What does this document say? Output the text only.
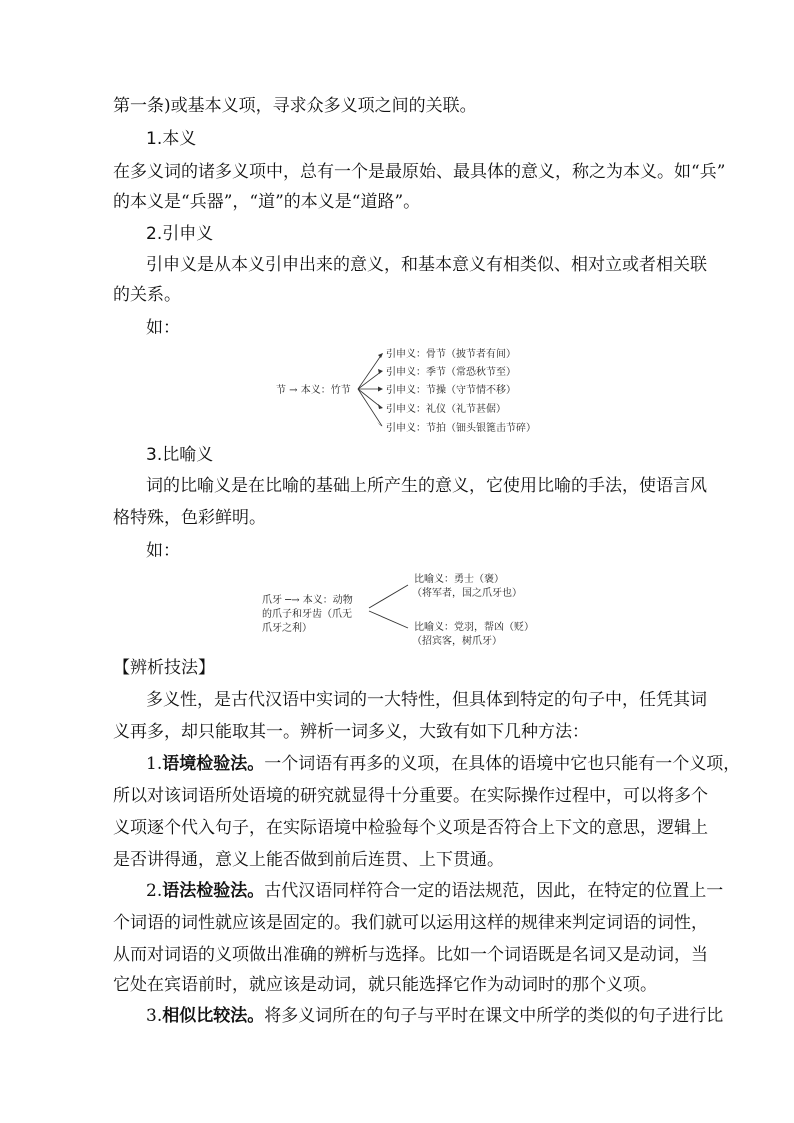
第一条)或基本义项，寻求众多义项之间的关联。
1.本义
在多义词的诸多义项中，总有一个是最原始、最具体的意义，称之为本义。如“兵”
的本义是“兵器”，“道”的本义是“道路”。
2.引申义
引申义是从本义引申出来的意义，和基本意义有相类似、相对立或者相关联
的关系。
如：
节 → 本义：竹节
引申义：骨节（披节者有间）
引申义：季节（常恐秋节至）
引申义：节操（守节情不移）
引申义：礼仪（礼节甚倨）
引申义：节拍（钿头银篦击节碎）
3.比喻义
词的比喻义是在比喻的基础上所产生的意义，它使用比喻的手法，使语言风
格特殊，色彩鲜明。
如：
爪牙 ─→ 本义：动物
的爪子和牙齿（爪无
爪牙之利）
比喻义：勇士（褒）
（将军者，国之爪牙也）
比喻义：党羽，帮凶（贬）
（招宾客，树爪牙）
【辨析技法】
多义性，是古代汉语中实词的一大特性，但具体到特定的句子中，任凭其词
义再多，却只能取其一。辨析一词多义，大致有如下几种方法：
1.语境检验法。一个词语有再多的义项，在具体的语境中它也只能有一个义项，
所以对该词语所处语境的研究就显得十分重要。在实际操作过程中，可以将多个
义项逐个代入句子，在实际语境中检验每个义项是否符合上下文的意思，逻辑上
是否讲得通，意义上能否做到前后连贯、上下贯通。
2.语法检验法。古代汉语同样符合一定的语法规范，因此，在特定的位置上一
个词语的词性就应该是固定的。我们就可以运用这样的规律来判定词语的词性，
从而对词语的义项做出准确的辨析与选择。比如一个词语既是名词又是动词，当
它处在宾语前时，就应该是动词，就只能选择它作为动词时的那个义项。
3.相似比较法。将多义词所在的句子与平时在课文中所学的类似的句子进行比
